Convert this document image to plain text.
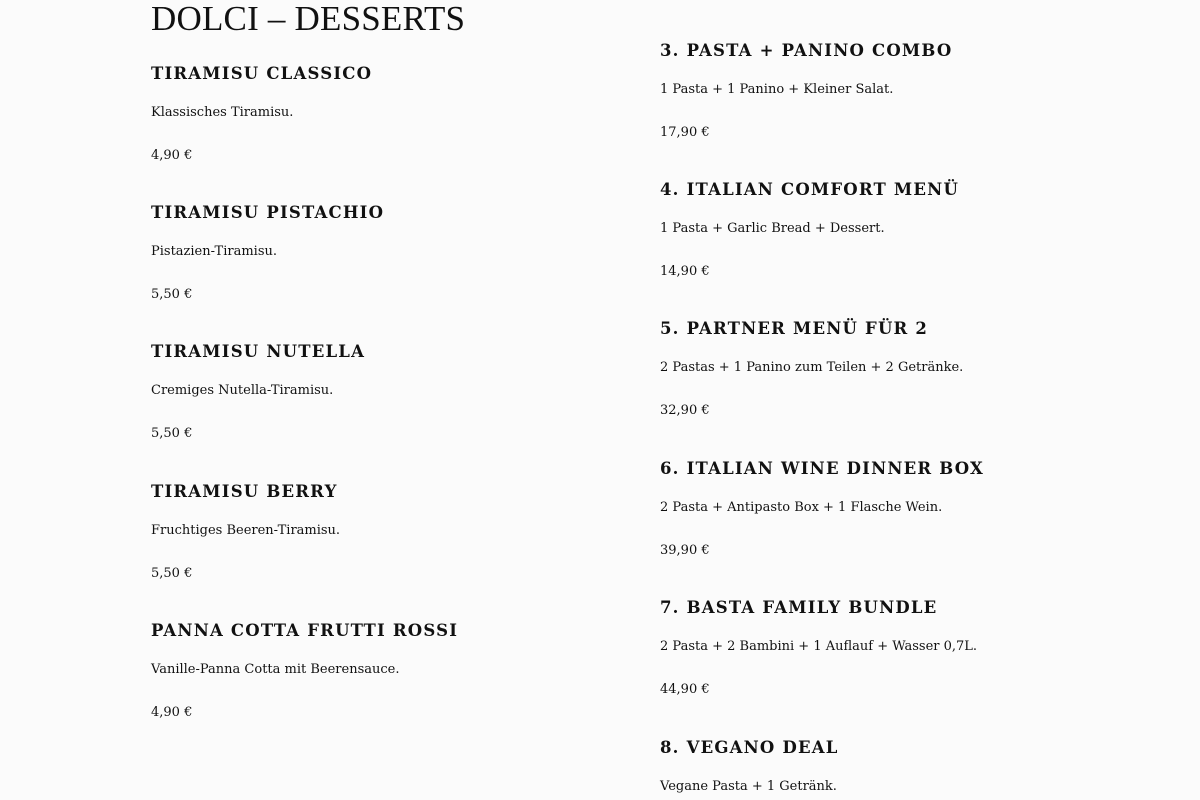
DOLCI – DESSERTS
TIRAMISU CLASSICO

Klassisches Tiramisu.

4,90 €

TIRAMISU PISTACHIO

Pistazien-Tiramisu.

5,50 €

TIRAMISU NUTELLA

Cremiges Nutella-Tiramisu.

5,50 €

TIRAMISU BERRY

Fruchtiges Beeren-Tiramisu.

5,50 €

PANNA COTTA FRUTTI ROSSI

Vanille-Panna Cotta mit Beerensauce.

4,90 €

3. PASTA + PANINO COMBO

1 Pasta + 1 Panino + Kleiner Salat.

17,90 €

4. ITALIAN COMFORT MENÜ

1 Pasta + Garlic Bread + Dessert.

14,90 €

5. PARTNER MENÜ FÜR 2

2 Pastas + 1 Panino zum Teilen + 2 Getränke.

32,90 €

6. ITALIAN WINE DINNER BOX

2 Pasta + Antipasto Box + 1 Flasche Wein.

39,90 €

7. BASTA FAMILY BUNDLE

2 Pasta + 2 Bambini + 1 Auflauf + Wasser 0,7L.

44,90 €

8. VEGANO DEAL

Vegane Pasta + 1 Getränk.
